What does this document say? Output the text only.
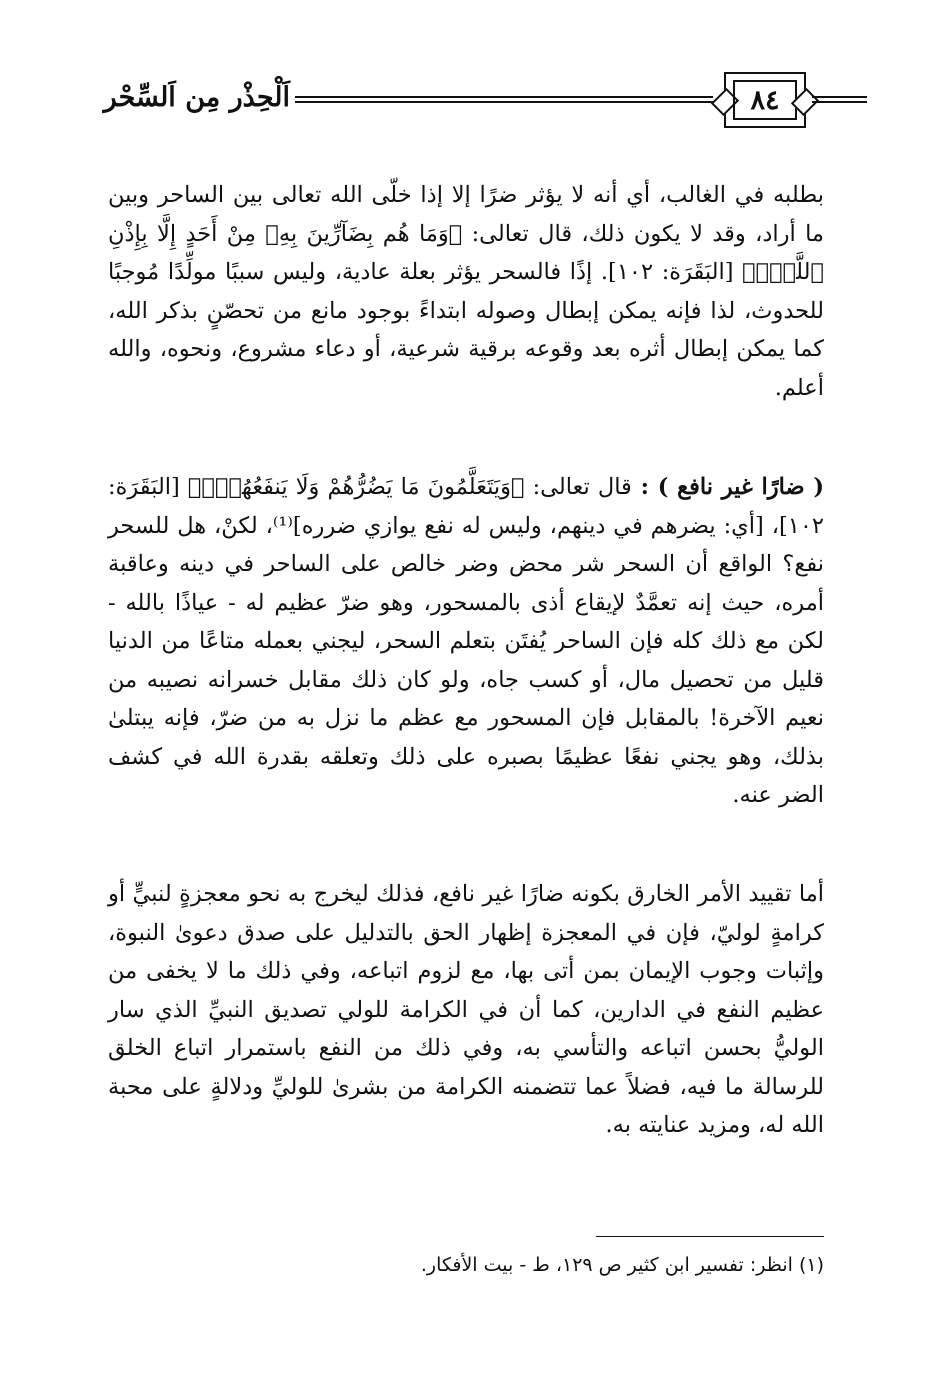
اَلْحِذْر مِن اَلسِّحْر	٨٤

بطلبه في الغالب، أي أنه لا يؤثر ضرًا إلا إذا خلّى الله تعالى بين الساحر وبين ما أراد، وقد لا يكون ذلك، قال تعالى: ﴿وَمَا هُم بِضَآرِّينَ بِهِۦ مِنْ أَحَدٍ إِلَّا بِإِذْنِ ٱللَّهِۚ﴾ [البَقَرَة: ١٠٢]. إذًا فالسحر يؤثر بعلة عادية، وليس سببًا مولِّدًا مُوجبًا للحدوث، لذا فإنه يمكن إبطال وصوله ابتداءً بوجود مانع من تحصّنٍ بذكر الله، كما يمكن إبطال أثره بعد وقوعه برقية شرعية، أو دعاء مشروع، ونحوه، والله أعلم.

( ضارًا غير نافع ) : قال تعالى: ﴿وَيَتَعَلَّمُونَ مَا يَضُرُّهُمْ وَلَا يَنفَعُهُمْۚ﴾ [البَقَرَة: ١٠٢]، [أي: يضرهم في دينهم، وليس له نفع يوازي ضرره]⁽¹⁾، لكنْ، هل للسحر نفع؟ الواقع أن السحر شر محض وضر خالص على الساحر في دينه وعاقبة أمره، حيث إنه تعمَّدٌ لإيقاع أذى بالمسحور، وهو ضرّ عظيم له - عياذًا بالله - لكن مع ذلك كله فإن الساحر يُفتَن بتعلم السحر، ليجني بعمله متاعًا من الدنيا قليل من تحصيل مال، أو كسب جاه، ولو كان ذلك مقابل خسرانه نصيبه من نعيم الآخرة! بالمقابل فإن المسحور مع عظم ما نزل به من ضرّ، فإنه يبتلىٰ بذلك، وهو يجني نفعًا عظيمًا بصبره على ذلك وتعلقه بقدرة الله في كشف الضر عنه.

أما تقييد الأمر الخارق بكونه ضارًا غير نافع، فذلك ليخرج به نحو معجزةٍ لنبيٍّ أو كرامةٍ لوليّ، فإن في المعجزة إظهار الحق بالتدليل على صدق دعوىٰ النبوة، وإثبات وجوب الإيمان بمن أتى بها، مع لزوم اتباعه، وفي ذلك ما لا يخفى من عظيم النفع في الدارين، كما أن في الكرامة للولي تصديق النبيِّ الذي سار الوليُّ بحسن اتباعه والتأسي به، وفي ذلك من النفع باستمرار اتباع الخلق للرسالة ما فيه، فضلاً عما تتضمنه الكرامة من بشرىٰ للوليِّ ودلالةٍ على محبة الله له، ومزيد عنايته به.

(١) انظر: تفسير ابن كثير ص ١٢٩، ط - بيت الأفكار.
